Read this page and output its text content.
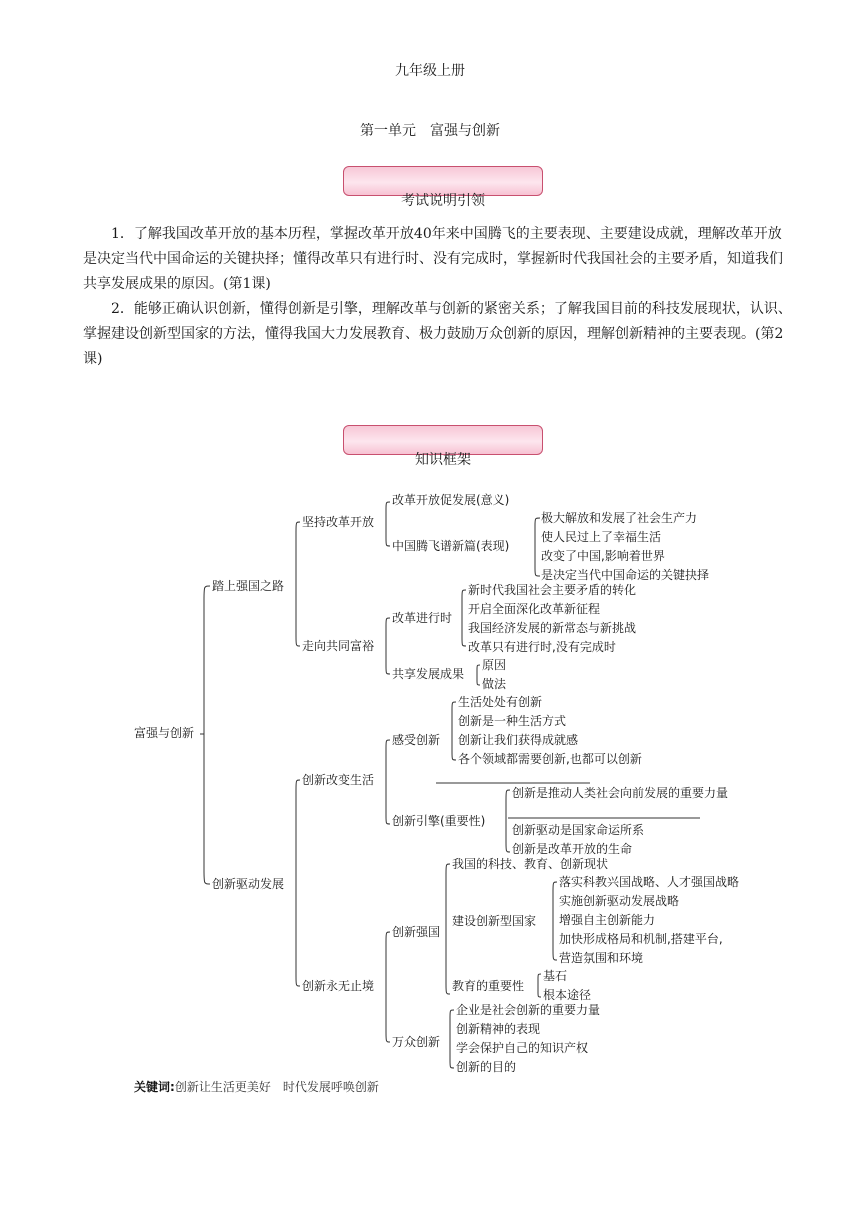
九年级上册
第一单元　富强与创新
考试说明引领

1．了解我国改革开放的基本历程，掌握改革开放40年来中国腾飞的主要表现、主要建设成就，理解改革开放是决定当代中国命运的关键抉择；懂得改革只有进行时、没有完成时，掌握新时代我国社会的主要矛盾，知道我们共享发展成果的原因。(第1课)

2．能够正确认识创新，懂得创新是引擎，理解改革与创新的紧密关系；了解我国目前的科技发展现状，认识、掌握建设创新型国家的方法，懂得我国大力发展教育、极力鼓励万众创新的原因，理解创新精神的主要表现。(第2课)

知识框架
富强与创新
踏上强国之路
创新驱动发展
坚持改革开放
走向共同富裕
改革开放促发展(意义)
中国腾飞谱新篇(表现)
极大解放和发展了社会生产力
使人民过上了幸福生活
改变了中国,影响着世界
是决定当代中国命运的关键抉择
改革进行时
共享发展成果
新时代我国社会主要矛盾的转化
开启全面深化改革新征程
我国经济发展的新常态与新挑战
改革只有进行时,没有完成时
原因
做法
创新改变生活
创新永无止境
感受创新
创新引擎(重要性)
生活处处有创新
创新是一种生活方式
创新让我们获得成就感
各个领域都需要创新,也都可以创新
创新是推动人类社会向前发展的重要力量
创新驱动是国家命运所系
创新是改革开放的生命
创新强国
万众创新
我国的科技、教育、创新现状
建设创新型国家
教育的重要性
落实科教兴国战略、人才强国战略
实施创新驱动发展战略
增强自主创新能力
加快形成格局和机制,搭建平台,
营造氛围和环境
基石
根本途径
企业是社会创新的重要力量
创新精神的表现
学会保护自己的知识产权
创新的目的
关键词:创新让生活更美好　时代发展呼唤创新
